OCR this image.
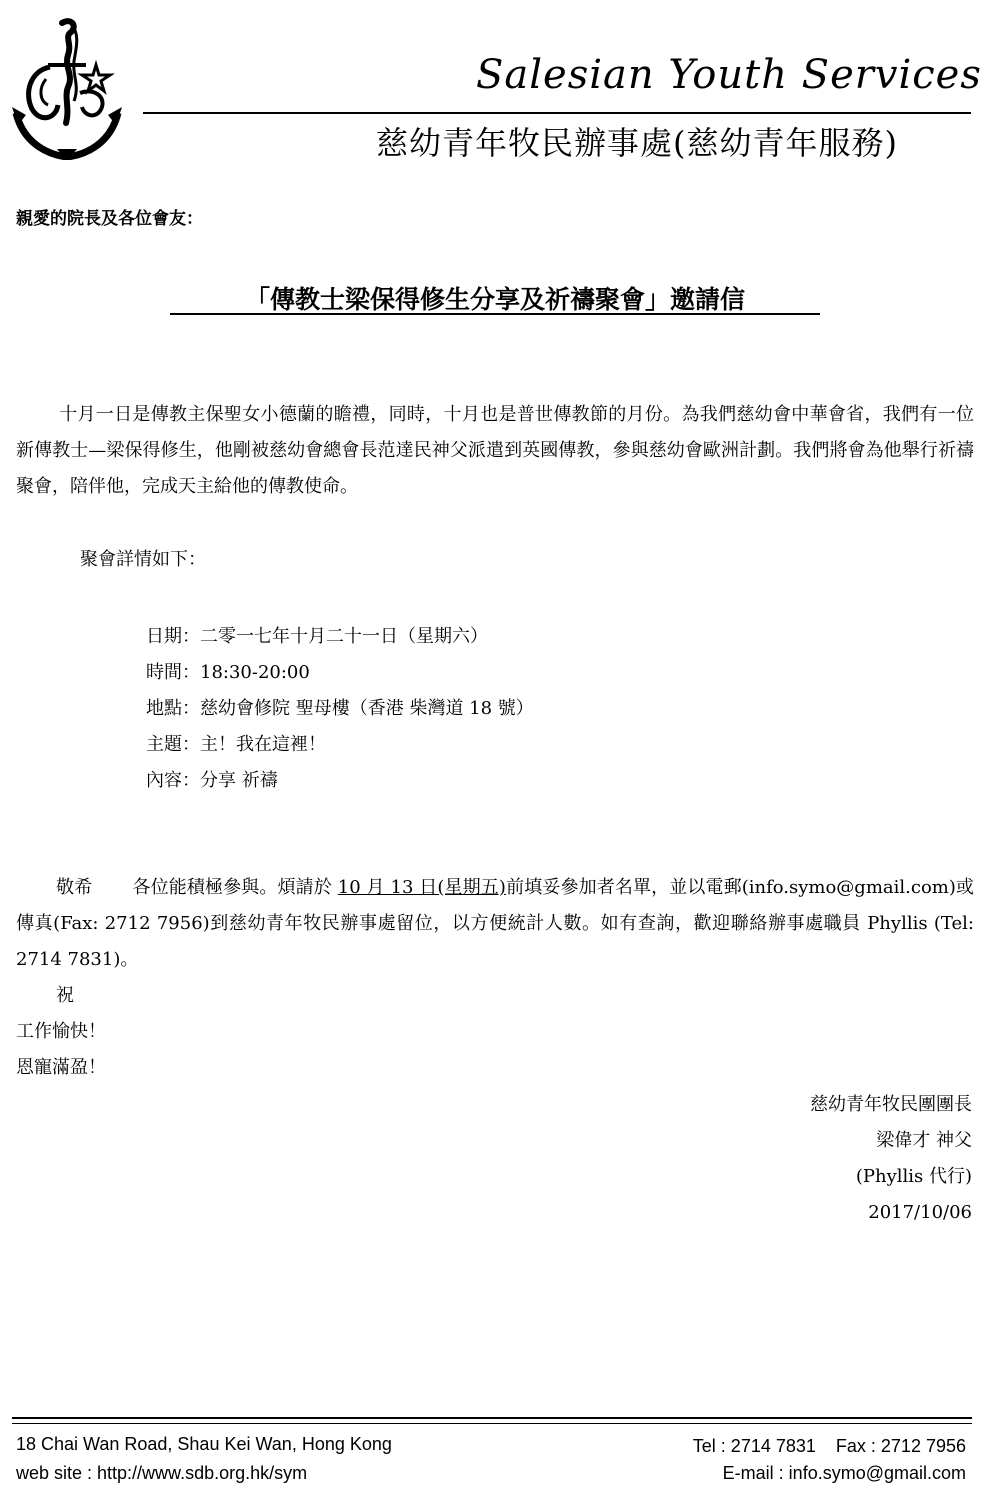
Salesian Youth Services
慈幼青年牧民辦事處(慈幼青年服務)
親愛的院長及各位會友：
「傳教士梁保得修生分享及祈禱聚會」邀請信
十月一日是傳教主保聖女小德蘭的瞻禮，同時，十月也是普世傳教節的月份。為我們慈幼會中華會省，我們有一位新傳教士—梁保得修生，他剛被慈幼會總會長范達民神父派遣到英國傳教，參與慈幼會歐洲計劃。我們將會為他舉行祈禱聚會，陪伴他，完成天主給他的傳教使命。
聚會詳情如下：
日期：二零一七年十月二十一日（星期六）
時間：18:30-20:00
地點：慈幼會修院 聖母樓（香港 柴灣道 18 號）
主題：主！我在這裡！
內容：分享 祈禱
敬希 各位能積極參與。煩請於 10 月 13 日(星期五)前填妥參加者名單，並以電郵(info.symo@gmail.com)或傳真(Fax: 2712 7956)到慈幼青年牧民辦事處留位，以方便統計人數。如有查詢，歡迎聯絡辦事處職員 Phyllis (Tel: 2714 7831)。
祝
工作愉快！
恩寵滿盈！
慈幼青年牧民團團長
梁偉才 神父
(Phyllis 代行)
2017/10/06
18 Chai Wan Road, Shau Kei Wan, Hong Kong
web site : http://www.sdb.org.hk/sym
Tel : 2714 7831    Fax : 2712 7956
E-mail : info.symo@gmail.com
